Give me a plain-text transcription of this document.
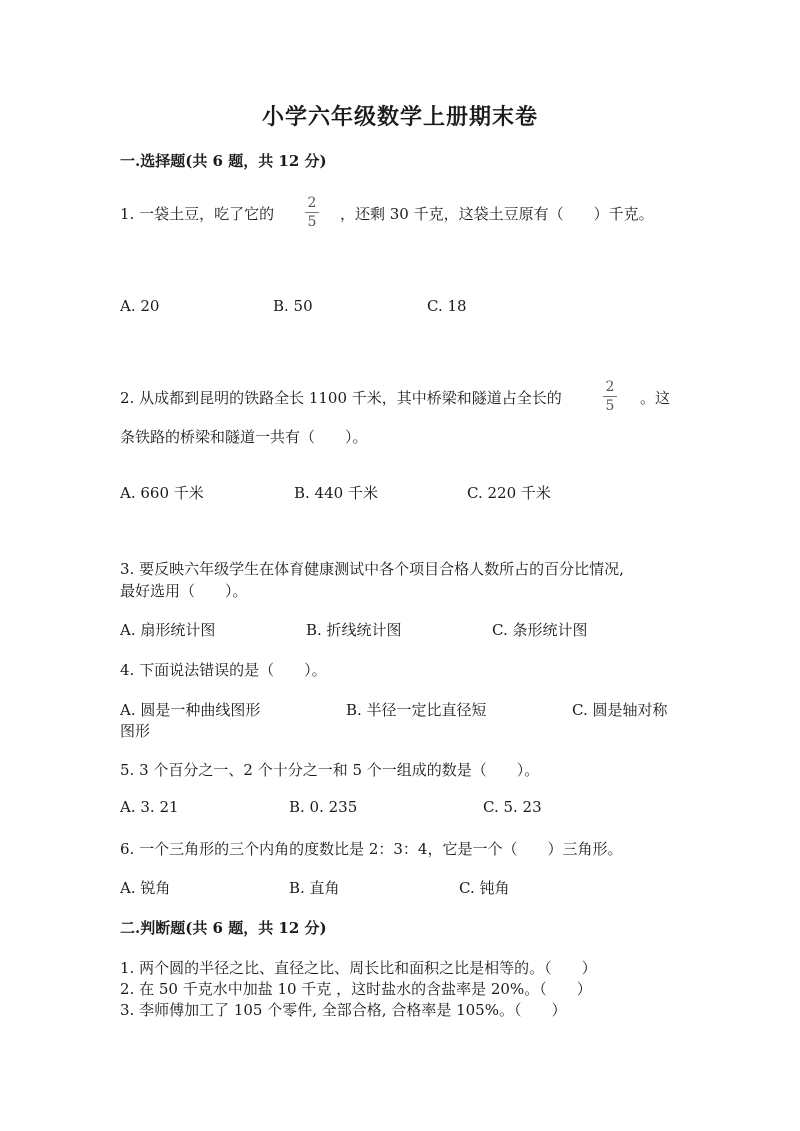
小学六年级数学上册期末卷
一.选择题(共 6 题，共 12 分)
1. 一袋土豆，吃了它的
2
5	，还剩 30 千克，这袋土豆原有（　　）千克。
A. 20	B. 50	C. 18
2. 从成都到昆明的铁路全长 1100 千米，其中桥梁和隧道占全长的
2
5	。这
条铁路的桥梁和隧道一共有（　　）。
A. 660 千米	B. 440 千米	C. 220 千米
3. 要反映六年级学生在体育健康测试中各个项目合格人数所占的百分比情况,
最好选用（　　）。
A. 扇形统计图	B. 折线统计图	C. 条形统计图
4. 下面说法错误的是（　　）。
A. 圆是一种曲线图形	B. 半径一定比直径短	C. 圆是轴对称
图形
5. 3 个百分之一、2 个十分之一和 5 个一组成的数是（　　）。
A. 3. 21	B. 0. 235	C. 5. 23
6. 一个三角形的三个内角的度数比是 2：3：4，它是一个（　　）三角形。
A. 锐角	B. 直角	C. 钝角
二.判断题(共 6 题，共 12 分)
1. 两个圆的半径之比、直径之比、周长比和面积之比是相等的。（　　）
2. 在 50 千克水中加盐 10 千克 ，这时盐水的含盐率是 20%。（　　）
3. 李师傅加工了 105 个零件, 全部合格, 合格率是 105%。（　　）
